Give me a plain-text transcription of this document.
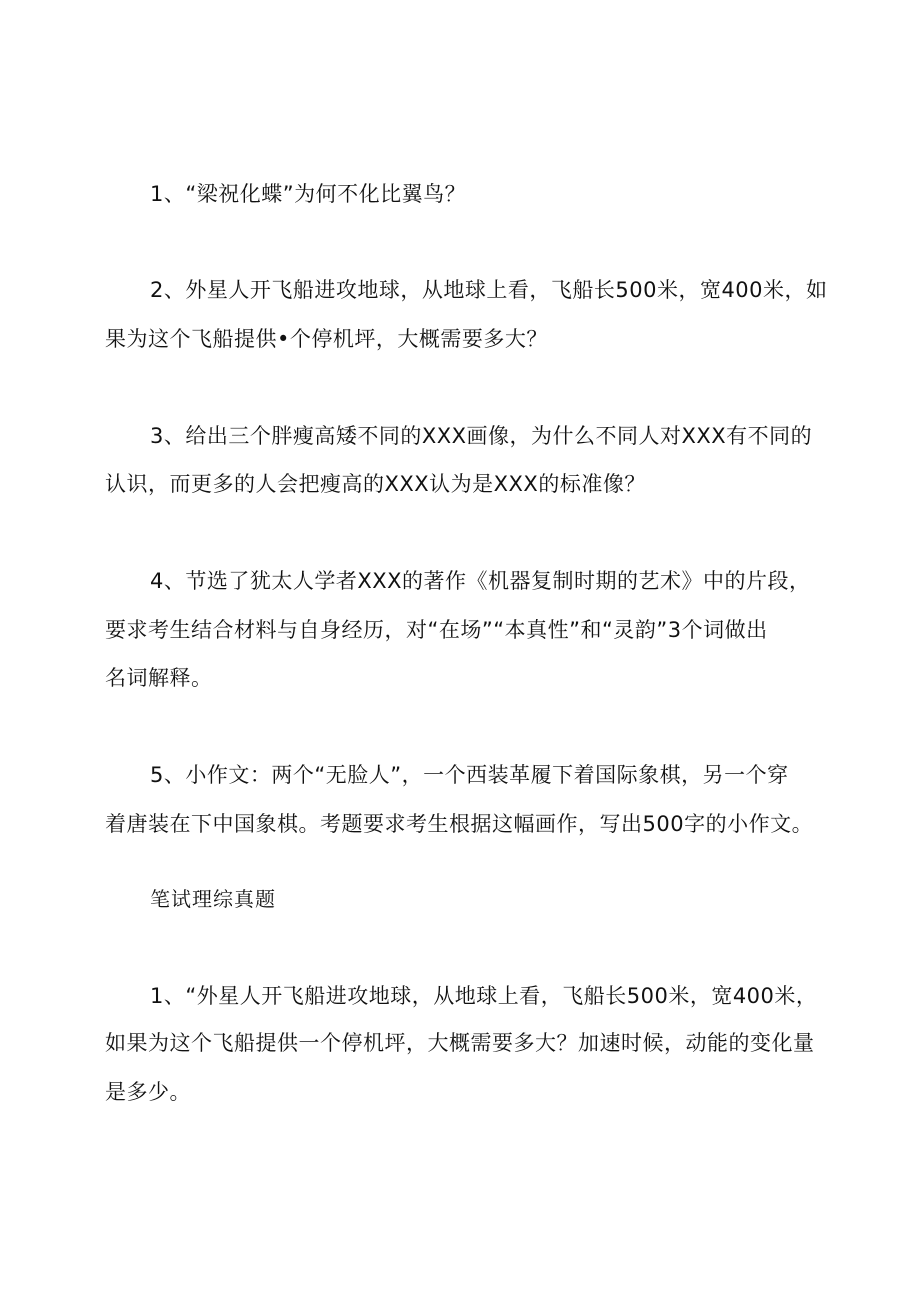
1、“梁祝化蝶”为何不化比翼鸟？
2、外星人开飞船进攻地球，从地球上看，飞船长500米，宽400米，如
果为这个飞船提供•个停机坪，大概需要多大？
3、给出三个胖瘦高矮不同的XXX画像，为什么不同人对XXX有不同的
认识，而更多的人会把瘦高的XXX认为是XXX的标准像？
4、节选了犹太人学者XXX的著作《机器复制时期的艺术》中的片段，
要求考生结合材料与自身经历，对“在场”“本真性”和“灵韵”3个词做出
名词解释。
5、小作文：两个“无脸人”，一个西装革履下着国际象棋，另一个穿
着唐装在下中国象棋。考题要求考生根据这幅画作，写出500字的小作文。
笔试理综真题
1、“外星人开飞船进攻地球，从地球上看，飞船长500米，宽400米，
如果为这个飞船提供一个停机坪，大概需要多大？加速时候，动能的变化量
是多少。
